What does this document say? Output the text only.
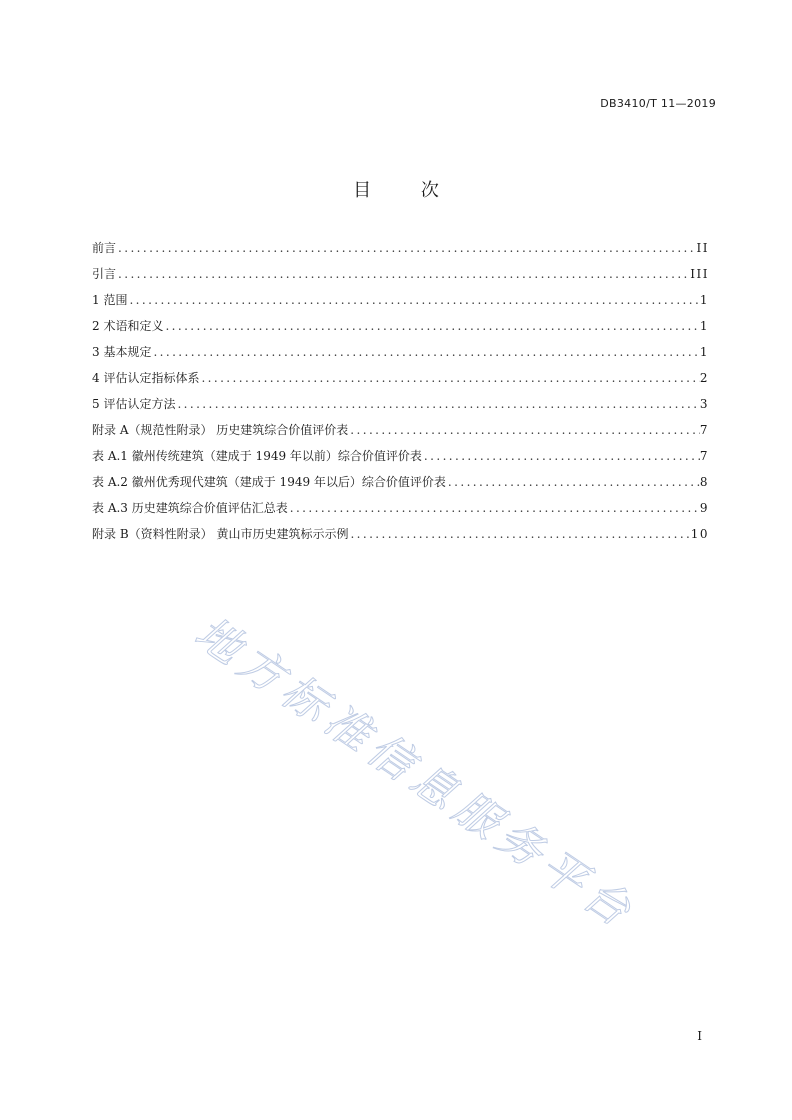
DB3410/T 11—2019
目 次
前言 .....	II
引言 .....	III
1 范围 .....	1
2 术语和定义 .....	1
3 基本规定 .....	1
4 评估认定指标体系 .....	2
5 评估认定方法 .....	3
附录 A（规范性附录） 历史建筑综合价值评价表 .....	7
表 A.1 徽州传统建筑（建成于 1949 年以前）综合价值评价表 .....	7
表 A.2 徽州优秀现代建筑（建成于 1949 年以后）综合价值评价表 .....	8
表 A.3 历史建筑综合价值评估汇总表 .....	9
附录 B（资料性附录） 黄山市历史建筑标示示例 .....	10
地方标准信息服务平台
I
